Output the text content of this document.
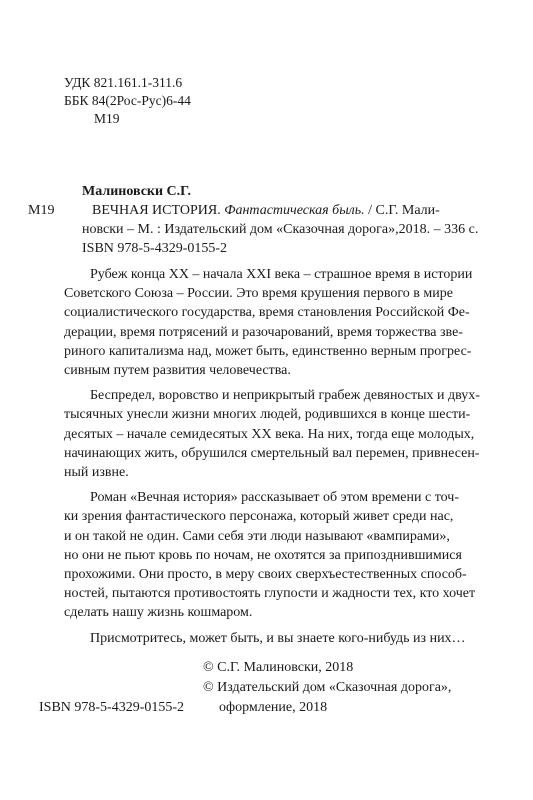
УДК 821.161.1-311.6
ББК 84(2Рос-Рус)6-44
М19
Малиновски С.Г.
М19	ВЕЧНАЯ ИСТОРИЯ. Фантастическая быль. / С.Г. Мали-
новски – М. : Издательский дом «Сказочная дорога»,2018. – 336 с.
ISBN 978-5-4329-0155-2

Рубеж конца XX – начала XXI века – страшное время в истории
Советского Союза – России. Это время крушения первого в мире
социалистического государства, время становления Российской Фе-
дерации, время потрясений и разочарований, время торжества зве-
риного капитализма над, может быть, единственно верным прогрес-
сивным путем развития человечества.

Беспредел, воровство и неприкрытый грабеж девяностых и двух-
тысячных унесли жизни многих людей, родившихся в конце шести-
десятых – начале семидесятых XX века. На них, тогда еще молодых,
начинающих жить, обрушился смертельный вал перемен, привнесен-
ный извне.

Роман «Вечная история» рассказывает об этом времени с точ-
ки зрения фантастического персонажа, который живет среди нас,
и он такой не один. Сами себя эти люди называют «вампирами»,
но они не пьют кровь по ночам, не охотятся за припозднившимися
прохожими. Они просто, в меру своих сверхъестественных способ-
ностей, пытаются противостоять глупости и жадности тех, кто хочет
сделать нашу жизнь кошмаром.

Присмотритесь, может быть, и вы знаете кого-нибудь из них…

ISBN 978-5-4329-0155-2
© С.Г. Малиновски, 2018
© Издательский дом «Сказочная дорога»,
оформление, 2018
